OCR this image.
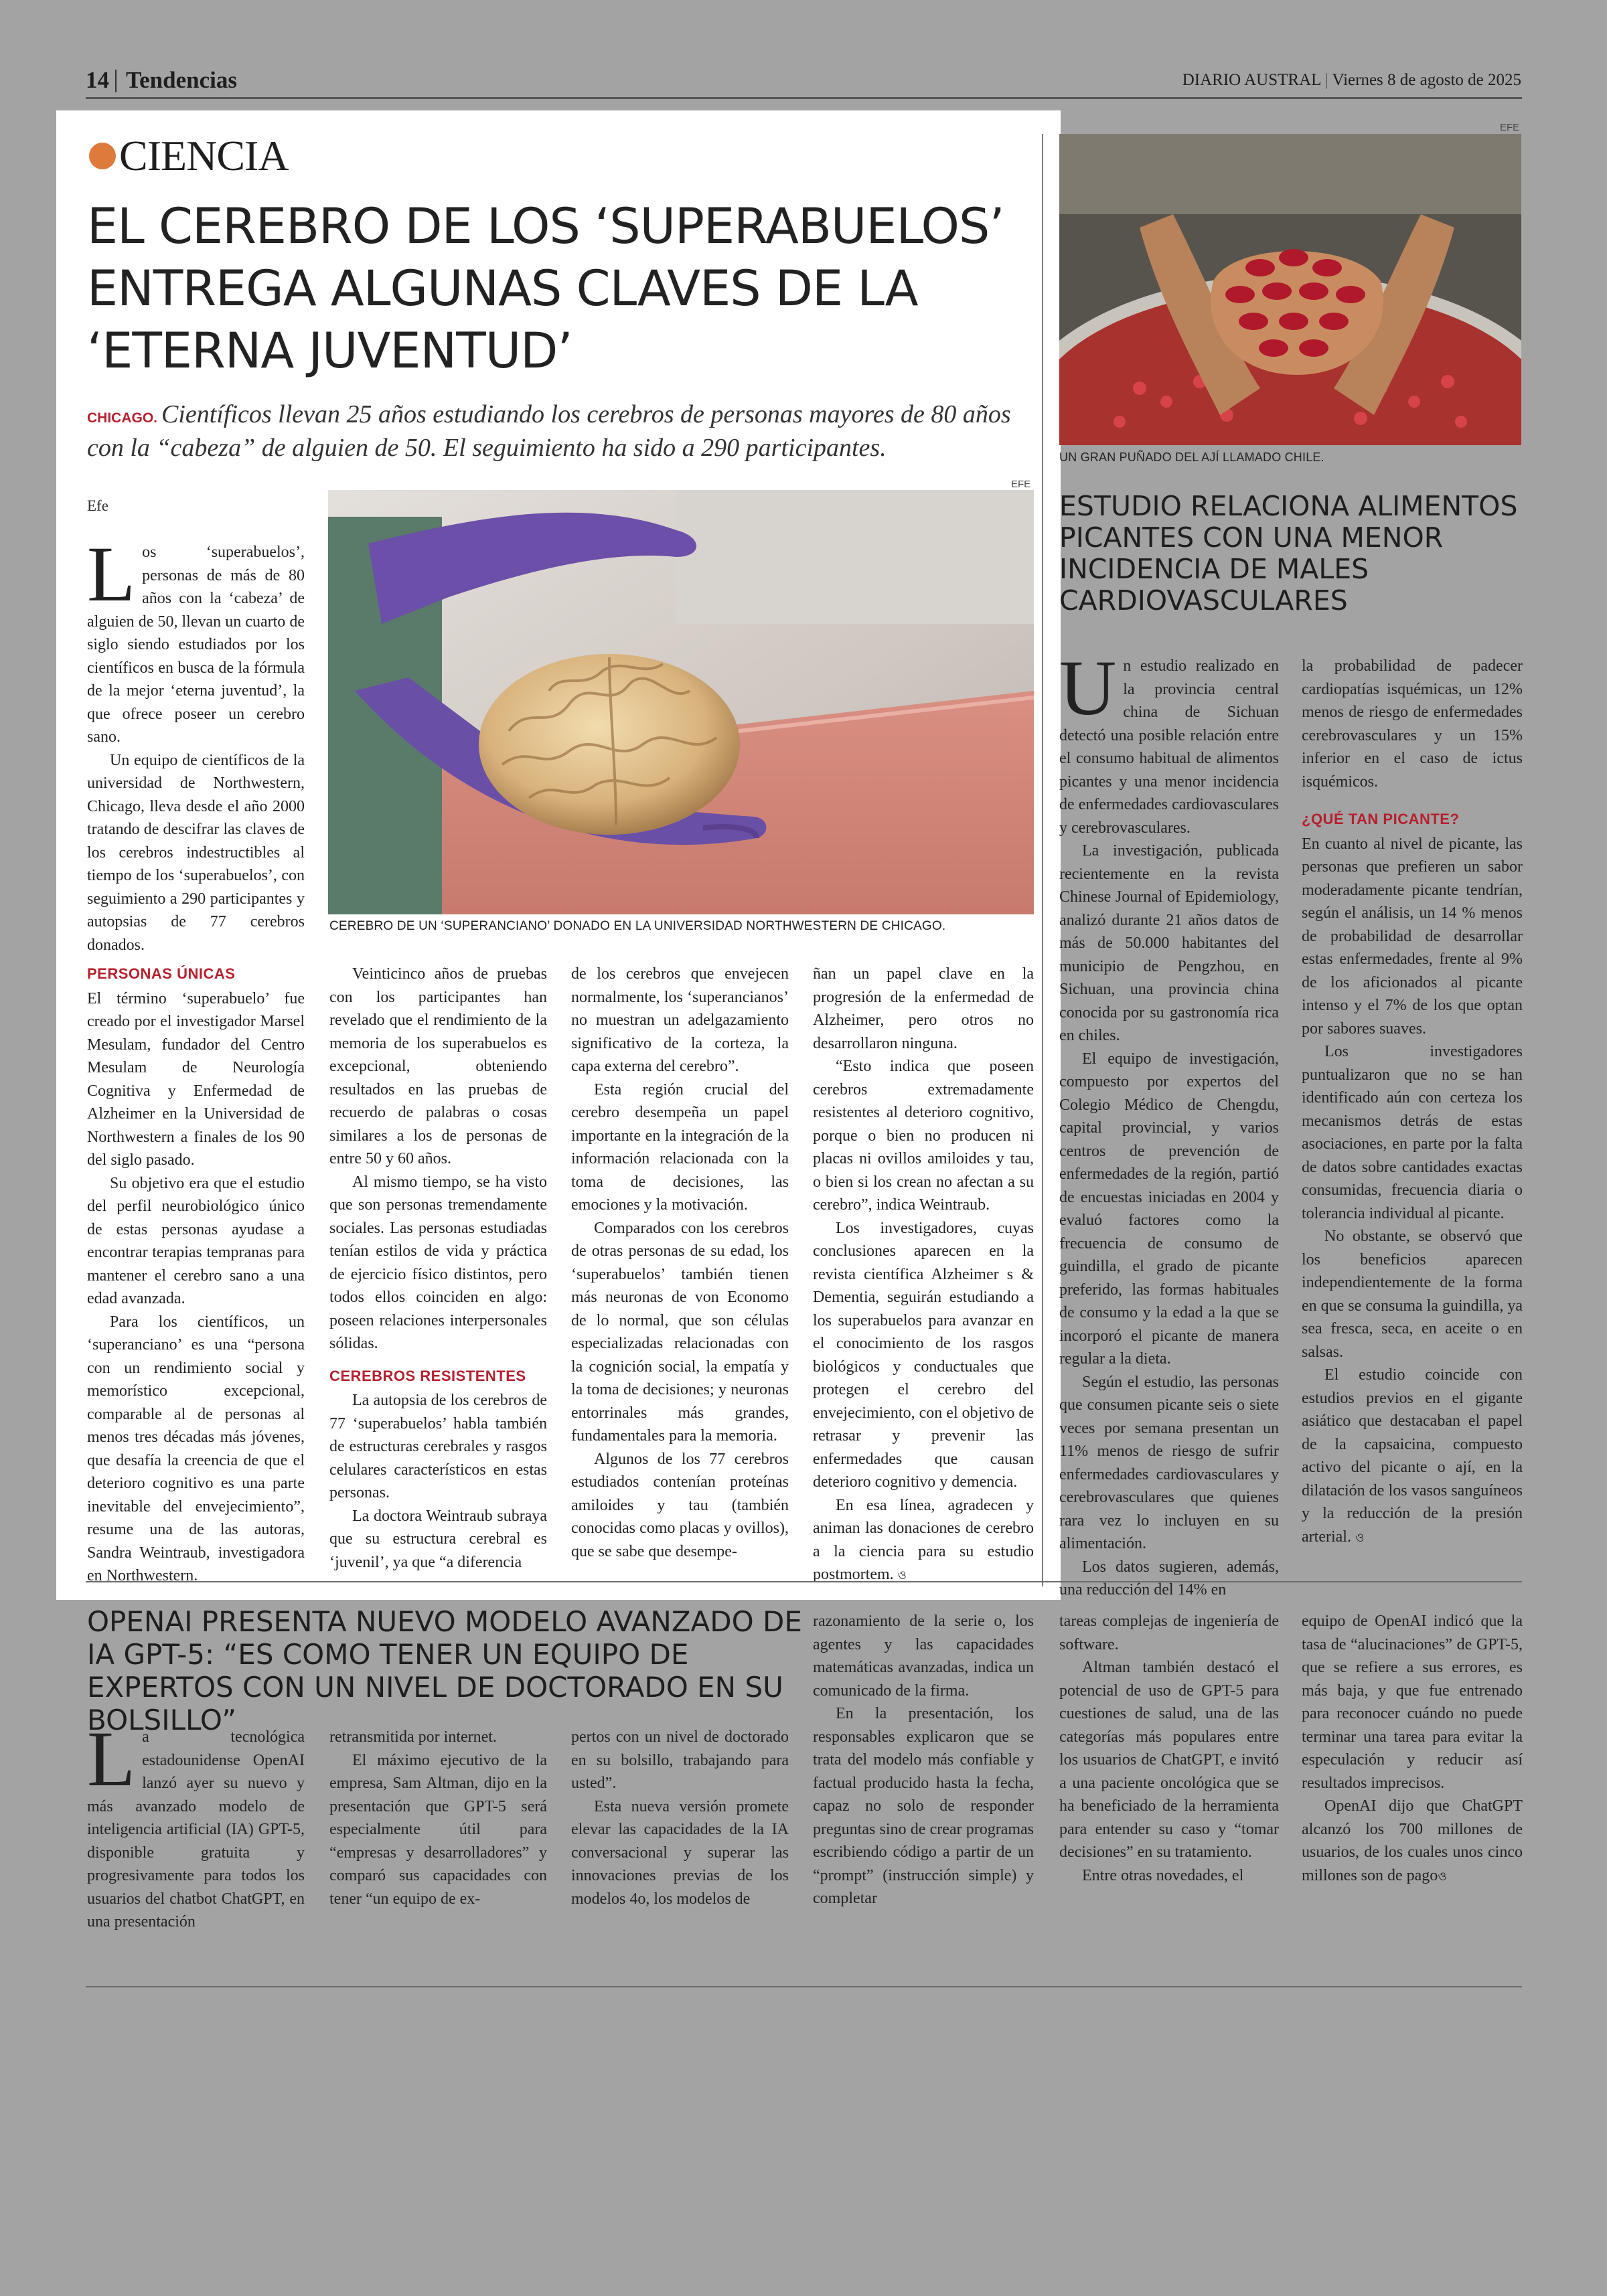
14 Tendencias	DIARIO AUSTRAL | Viernes 8 de agosto de 2025
CIENCIA
EL CEREBRO DE LOS ‘SUPERABUELOS’ ENTREGA ALGUNAS CLAVES DE LA ‘ETERNA JUVENTUD’
CHICAGO. Científicos llevan 25 años estudiando los cerebros de personas mayores de 80 años con la “cabeza” de alguien de 50. El seguimiento ha sido a 290 participantes.
Efe
EFE
CEREBRO DE UN ‘SUPERANCIANO’ DONADO EN LA UNIVERSIDAD NORTHWESTERN DE CHICAGO.

Los ‘superabuelos’, personas de más de 80 años con la ‘cabeza’ de alguien de 50, llevan un cuarto de siglo siendo estudiados por los científicos en busca de la fórmula de la mejor ‘eterna juventud’, la que ofrece poseer un cerebro sano.

Un equipo de científicos de la universidad de Northwestern, Chicago, lleva desde el año 2000 tratando de descifrar las claves de los cerebros indestructibles al tiempo de los ‘superabuelos’, con seguimiento a 290 participantes y autopsias de 77 cerebros donados.

PERSONAS ÚNICAS

El término ‘superabuelo’ fue creado por el investigador Marsel Mesulam, fundador del Centro Mesulam de Neurología Cognitiva y Enfermedad de Alzheimer en la Universidad de Northwestern a finales de los 90 del siglo pasado.

Su objetivo era que el estudio del perfil neurobiológico único de estas personas ayudase a encontrar terapias tempranas para mantener el cerebro sano a una edad avanzada.

Para los científicos, un ‘superanciano’ es una “persona con un rendimiento social y memorístico excepcional, comparable al de personas al menos tres décadas más jóvenes, que desafía la creencia de que el deterioro cognitivo es una parte inevitable del envejecimiento”, resume una de las autoras, Sandra Weintraub, investigadora en Northwestern.

Veinticinco años de pruebas con los participantes han revelado que el rendimiento de la memoria de los superabuelos es excepcional, obteniendo resultados en las pruebas de recuerdo de palabras o cosas similares a los de personas de entre 50 y 60 años.

Al mismo tiempo, se ha visto que son personas tremendamente sociales. Las personas estudiadas tenían estilos de vida y práctica de ejercicio físico distintos, pero todos ellos coinciden en algo: poseen relaciones interpersonales sólidas.

CEREBROS RESISTENTES

La autopsia de los cerebros de 77 ‘superabuelos’ habla también de estructuras cerebrales y rasgos celulares característicos en estas personas.

La doctora Weintraub subraya que su estructura cerebral es ‘juvenil’, ya que “a diferencia

de los cerebros que envejecen normalmente, los ‘superancianos’ no muestran un adelgazamiento significativo de la corteza, la capa externa del cerebro”.

Esta región crucial del cerebro desempeña un papel importante en la integración de la información relacionada con la toma de decisiones, las emociones y la motivación.

Comparados con los cerebros de otras personas de su edad, los ‘superabuelos’ también tienen más neuronas de von Economo de lo normal, que son células especializadas relacionadas con la cognición social, la empatía y la toma de decisiones; y neuronas entorrinales más grandes, fundamentales para la memoria.

Algunos de los 77 cerebros estudiados contenían proteínas amiloides y tau (también conocidas como placas y ovillos), que se sabe que desempe-

ñan un papel clave en la progresión de la enfermedad de Alzheimer, pero otros no desarrollaron ninguna.

“Esto indica que poseen cerebros extremadamente resistentes al deterioro cognitivo, porque o bien no producen ni placas ni ovillos amiloides y tau, o bien si los crean no afectan a su cerebro”, indica Weintraub.

Los investigadores, cuyas conclusiones aparecen en la revista científica Alzheimer s & Dementia, seguirán estudiando a los superabuelos para avanzar en el conocimiento de los rasgos biológicos y conductuales que protegen el cerebro del envejecimiento, con el objetivo de retrasar y prevenir las enfermedades que causan deterioro cognitivo y demencia.

En esa línea, agradecen y animan las donaciones de cerebro a la ciencia para su estudio postmortem. ও

EFE
UN GRAN PUÑADO DEL AJÍ LLAMADO CHILE.
ESTUDIO RELACIONA ALIMENTOS PICANTES CON UNA MENOR INCIDENCIA DE MALES CARDIOVASCULARES

Un estudio realizado en la provincia central china de Sichuan detectó una posible relación entre el consumo habitual de alimentos picantes y una menor incidencia de enfermedades cardiovasculares y cerebrovasculares.

La investigación, publicada recientemente en la revista Chinese Journal of Epidemiology, analizó durante 21 años datos de más de 50.000 habitantes del municipio de Pengzhou, en Sichuan, una provincia china conocida por su gastronomía rica en chiles.

El equipo de investigación, compuesto por expertos del Colegio Médico de Chengdu, capital provincial, y varios centros de prevención de enfermedades de la región, partió de encuestas iniciadas en 2004 y evaluó factores como la frecuencia de consumo de guindilla, el grado de picante preferido, las formas habituales de consumo y la edad a la que se incorporó el picante de manera regular a la dieta.

Según el estudio, las personas que consumen picante seis o siete veces por semana presentan un 11% menos de riesgo de sufrir enfermedades cardiovasculares y cerebrovasculares que quienes rara vez lo incluyen en su alimentación.

Los datos sugieren, además, una reducción del 14% en

la probabilidad de padecer cardiopatías isquémicas, un 12% menos de riesgo de enfermedades cerebrovasculares y un 15% inferior en el caso de ictus isquémicos.

¿QUÉ TAN PICANTE?

En cuanto al nivel de picante, las personas que prefieren un sabor moderadamente picante tendrían, según el análisis, un 14 % menos de probabilidad de desarrollar estas enfermedades, frente al 9% de los aficionados al picante intenso y el 7% de los que optan por sabores suaves.

Los investigadores puntualizaron que no se han identificado aún con certeza los mecanismos detrás de estas asociaciones, en parte por la falta de datos sobre cantidades exactas consumidas, frecuencia diaria o tolerancia individual al picante.

No obstante, se observó que los beneficios aparecen independientemente de la forma en que se consuma la guindilla, ya sea fresca, seca, en aceite o en salsas.

El estudio coincide con estudios previos en el gigante asiático que destacaban el papel de la capsaicina, compuesto activo del picante o ají, en la dilatación de los vasos sanguíneos y la reducción de la presión arterial. ও

OPENAI PRESENTA NUEVO MODELO AVANZADO DE IA GPT-5: “ES COMO TENER UN EQUIPO DE EXPERTOS CON UN NIVEL DE DOCTORADO EN SU BOLSILLO”

La tecnológica estadounidense OpenAI lanzó ayer su nuevo y más avanzado modelo de inteligencia artificial (IA) GPT-5, disponible gratuita y progresivamente para todos los usuarios del chatbot ChatGPT, en una presentación

retransmitida por internet.

El máximo ejecutivo de la empresa, Sam Altman, dijo en la presentación que GPT-5 será especialmente útil para “empresas y desarrolladores” y comparó sus capacidades con tener “un equipo de ex-

pertos con un nivel de doctorado en su bolsillo, trabajando para usted”.

Esta nueva versión promete elevar las capacidades de la IA conversacional y superar las innovaciones previas de los modelos 4o, los modelos de

razonamiento de la serie o, los agentes y las capacidades matemáticas avanzadas, indica un comunicado de la firma.

En la presentación, los responsables explicaron que se trata del modelo más confiable y factual producido hasta la fecha, capaz no solo de responder preguntas sino de crear programas escribiendo código a partir de un “prompt” (instrucción simple) y completar

tareas complejas de ingeniería de software.

Altman también destacó el potencial de uso de GPT-5 para cuestiones de salud, una de las categorías más populares entre los usuarios de ChatGPT, e invitó a una paciente oncológica que se ha beneficiado de la herramienta para entender su caso y “tomar decisiones” en su tratamiento.

Entre otras novedades, el

equipo de OpenAI indicó que la tasa de “alucinaciones” de GPT-5, que se refiere a sus errores, es más baja, y que fue entrenado para reconocer cuándo no puede terminar una tarea para evitar la especulación y reducir así resultados imprecisos.

OpenAI dijo que ChatGPT alcanzó los 700 millones de usuarios, de los cuales unos cinco millones son de pagoও
